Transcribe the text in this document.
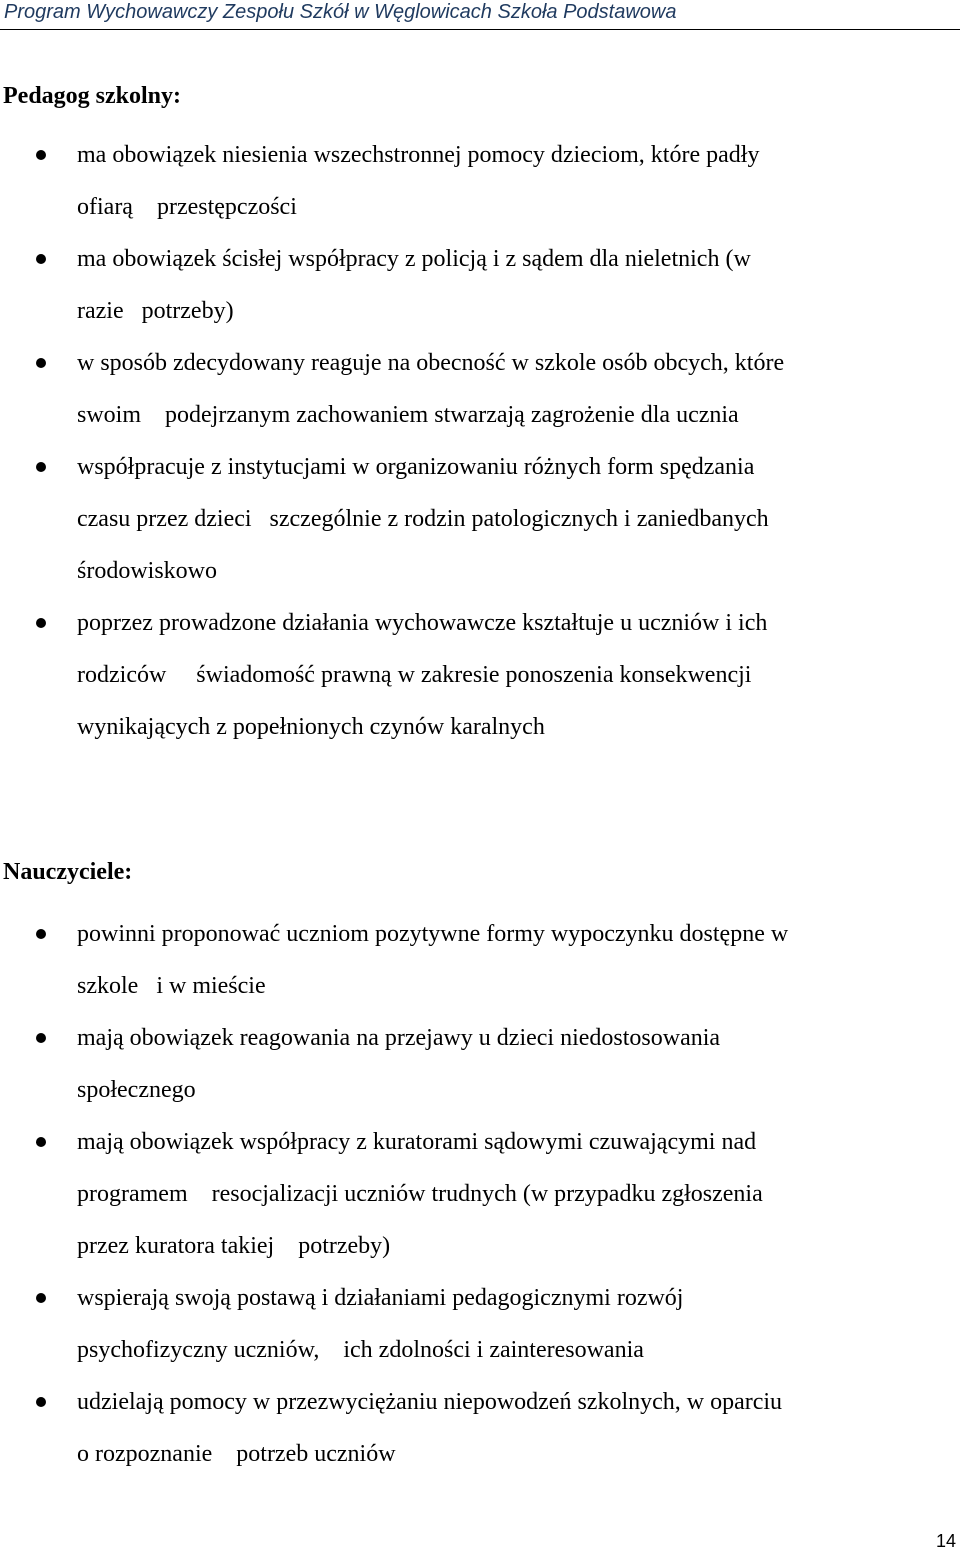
Program Wychowawczy Zespołu Szkół w Węglowicach Szkoła Podstawowa
Pedagog szkolny:
ma obowiązek niesienia wszechstronnej pomocy dzieciom, które padły
ofiarą    przestępczości
ma obowiązek ścisłej współpracy z policją i z sądem dla nieletnich (w
razie   potrzeby)
w sposób zdecydowany reaguje na obecność w szkole osób obcych, które
swoim    podejrzanym zachowaniem stwarzają zagrożenie dla ucznia
współpracuje z instytucjami w organizowaniu różnych form spędzania
czasu przez dzieci   szczególnie z rodzin patologicznych i zaniedbanych
środowiskowo
poprzez prowadzone działania wychowawcze kształtuje u uczniów i ich
rodziców     świadomość prawną w zakresie ponoszenia konsekwencji
wynikających z popełnionych czynów karalnych
Nauczyciele:
powinni proponować uczniom pozytywne formy wypoczynku dostępne w
szkole   i w mieście
mają obowiązek reagowania na przejawy u dzieci niedostosowania
społecznego
mają obowiązek współpracy z kuratorami sądowymi czuwającymi nad
programem    resocjalizacji uczniów trudnych (w przypadku zgłoszenia
przez kuratora takiej    potrzeby)
wspierają swoją postawą i działaniami pedagogicznymi rozwój
psychofizyczny uczniów,    ich zdolności i zainteresowania
udzielają pomocy w przezwyciężaniu niepowodzeń szkolnych, w oparciu
o rozpoznanie    potrzeb uczniów
14
